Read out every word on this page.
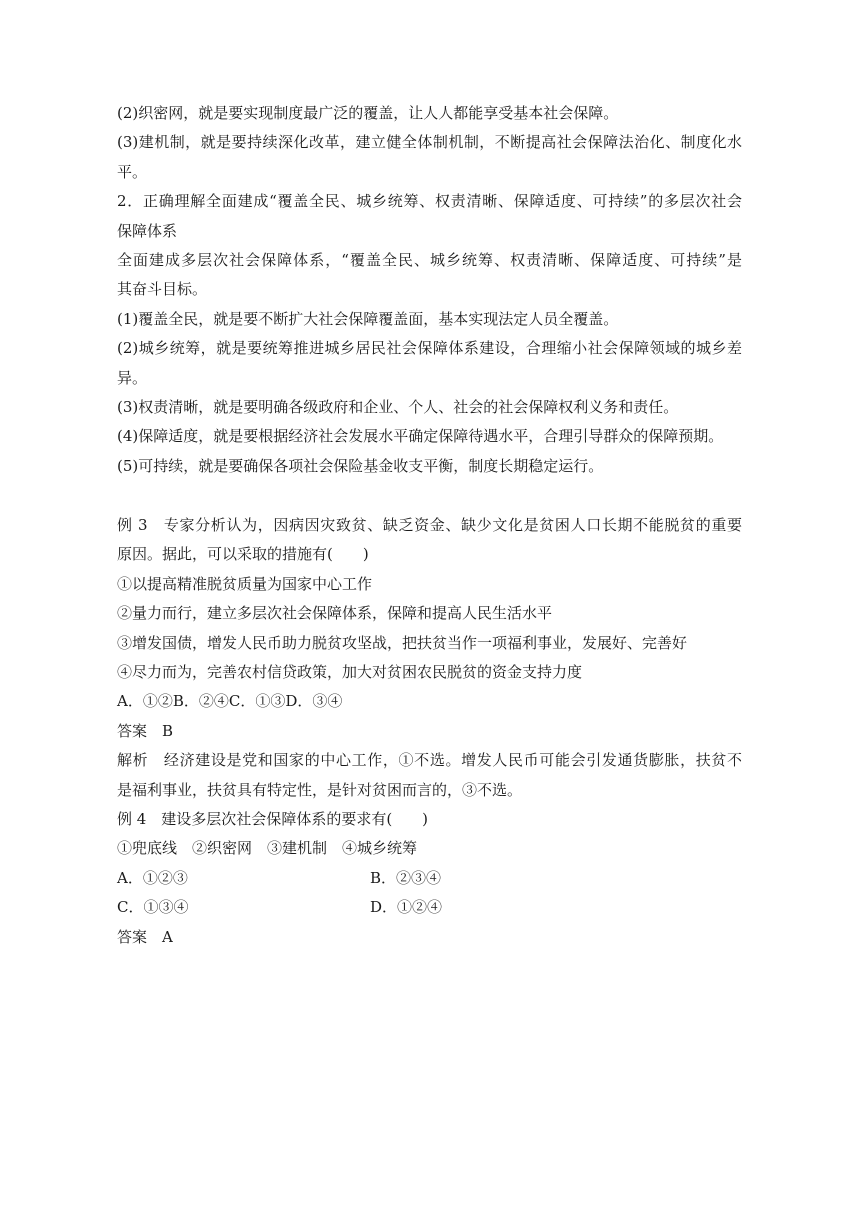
(2)织密网，就是要实现制度最广泛的覆盖，让人人都能享受基本社会保障。
(3)建机制，就是要持续深化改革，建立健全体制机制，不断提高社会保障法治化、制度化水
平。
2．正确理解全面建成“覆盖全民、城乡统筹、权责清晰、保障适度、可持续”的多层次社会
保障体系
全面建成多层次社会保障体系，“覆盖全民、城乡统筹、权责清晰、保障适度、可持续”是
其奋斗目标。
(1)覆盖全民，就是要不断扩大社会保障覆盖面，基本实现法定人员全覆盖。
(2)城乡统筹，就是要统筹推进城乡居民社会保障体系建设，合理缩小社会保障领域的城乡差
异。
(3)权责清晰，就是要明确各级政府和企业、个人、社会的社会保障权利义务和责任。
(4)保障适度，就是要根据经济社会发展水平确定保障待遇水平，合理引导群众的保障预期。
(5)可持续，就是要确保各项社会保险基金收支平衡，制度长期稳定运行。
例 3　专家分析认为，因病因灾致贫、缺乏资金、缺少文化是贫困人口长期不能脱贫的重要
原因。据此，可以采取的措施有(　　)
①以提高精准脱贫质量为国家中心工作
②量力而行，建立多层次社会保障体系，保障和提高人民生活水平
③增发国债，增发人民币助力脱贫攻坚战，把扶贫当作一项福利事业，发展好、完善好
④尽力而为，完善农村信贷政策，加大对贫困农民脱贫的资金支持力度
A．①②B．②④C．①③D．③④
答案　B
解析　经济建设是党和国家的中心工作，①不选。增发人民币可能会引发通货膨胀，扶贫不
是福利事业，扶贫具有特定性，是针对贫困而言的，③不选。
例 4　建设多层次社会保障体系的要求有(　　)
①兜底线　②织密网　③建机制　④城乡统筹
A．①②③	B．②③④
C．①③④	D．①②④
答案　A
